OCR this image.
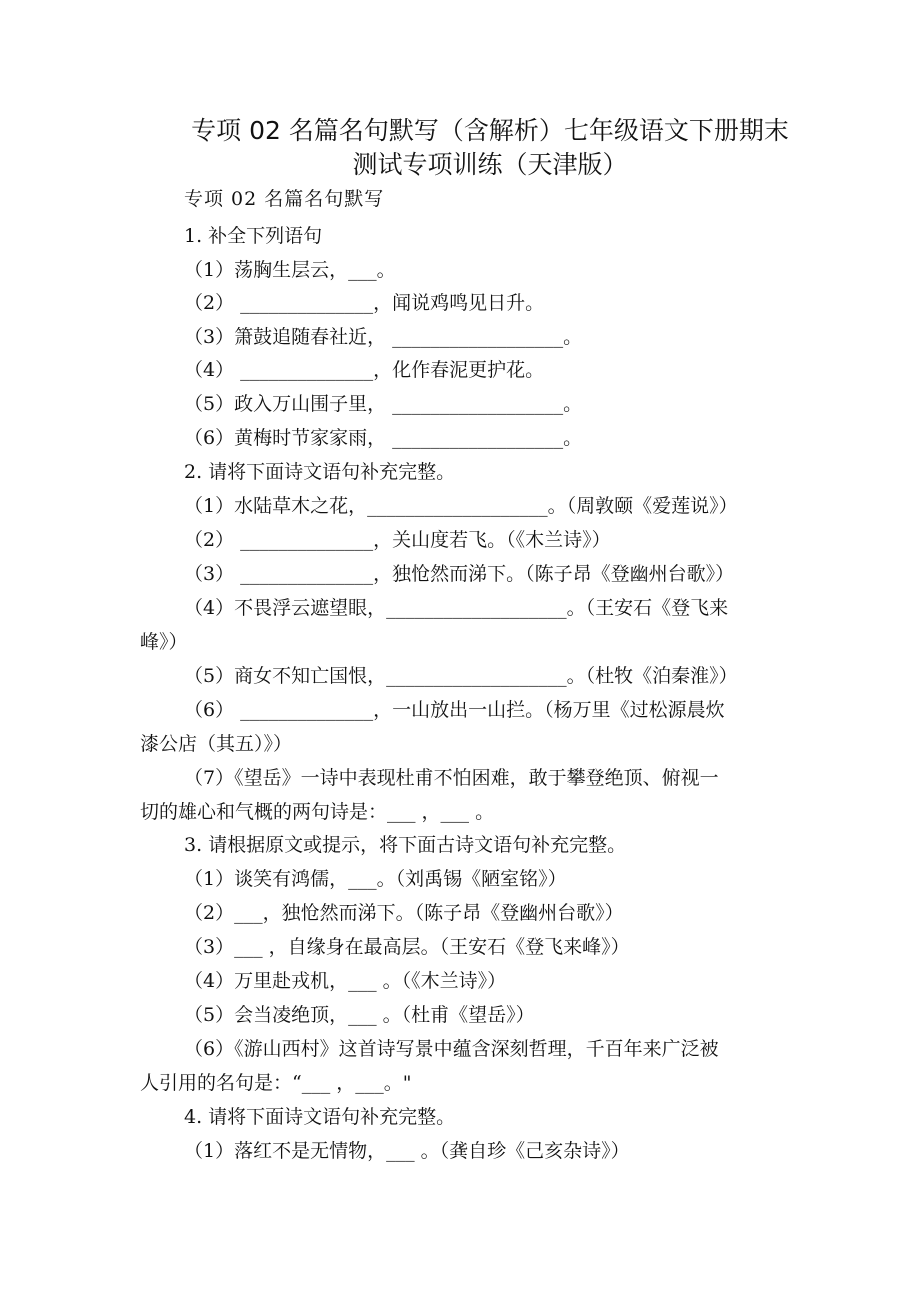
专项 02 名篇名句默写（含解析）七年级语文下册期末
测试专项训练（天津版）
专项 02 名篇名句默写
1. 补全下列语句
（1）荡胸生层云，___。
（2） ______________，闻说鸡鸣见日升。
（3）箫鼓追随春社近， __________________。
（4） ______________，化作春泥更护花。
（5）政入万山围子里， __________________。
（6）黄梅时节家家雨， __________________。
2. 请将下面诗文语句补充完整。
（1）水陆草木之花，___________________。（周敦颐《爱莲说》）
（2） ______________，关山度若飞。（《木兰诗》）
（3） ______________，独怆然而涕下。（陈子昂《登幽州台歌》）
（4）不畏浮云遮望眼，___________________。（王安石《登飞来
峰》）
（5）商女不知亡国恨，___________________。（杜牧《泊秦淮》）
（6） ______________，一山放出一山拦。（杨万里《过松源晨炊
漆公店（其五）》）
（7）《望岳》一诗中表现杜甫不怕困难，敢于攀登绝顶、俯视一
切的雄心和气概的两句诗是：___ ，___ 。
3. 请根据原文或提示，将下面古诗文语句补充完整。
（1）谈笑有鸿儒，___。（刘禹锡《陋室铭》）
（2）___，独怆然而涕下。（陈子昂《登幽州台歌》）
（3）___ ，自缘身在最高层。（王安石《登飞来峰》）
（4）万里赴戎机，___ 。（《木兰诗》）
（5）会当凌绝顶，___ 。（杜甫《望岳》）
（6）《游山西村》这首诗写景中蕴含深刻哲理，千百年来广泛被
人引用的名句是：“___ ，___。"
4. 请将下面诗文语句补充完整。
（1）落红不是无情物，___ 。（龚自珍《己亥杂诗》）
